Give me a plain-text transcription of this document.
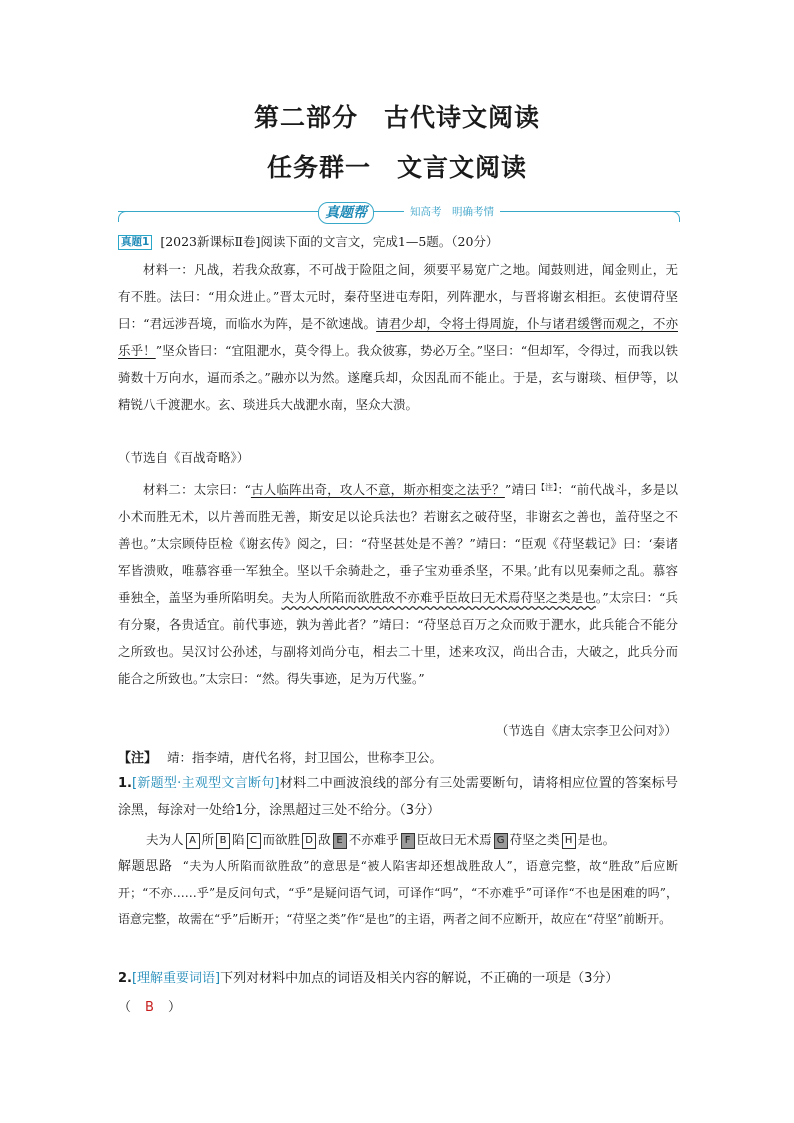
第二部分　古代诗文阅读
任务群一　文言文阅读
真题帮	知高考　明确考情

真题1 [2023新课标Ⅱ卷]阅读下面的文言文，完成1—5题。（20分）

材料一：凡战，若我众敌寡，不可战于险阻之间，须要平易宽广之地。闻鼓则进，闻金则止，无有不胜。法曰：“用众进止。”晋太元时，秦苻坚进屯寿阳，列阵淝水，与晋将谢玄相拒。玄使谓苻坚曰：“君远涉吾境，而临水为阵，是不欲速战。请君少却，令将士得周旋，仆与诸君缓辔而观之，不亦乐乎！”坚众皆曰：“宜阻淝水，莫令得上。我众彼寡，势必万全。”坚曰：“但却军，令得过，而我以铁骑数十万向水，逼而杀之。”融亦以为然。遂麾兵却，众因乱而不能止。于是，玄与谢琰、桓伊等，以精锐八千渡淝水。玄、琰进兵大战淝水南，坚众大溃。

（节选自《百战奇略》）

材料二：太宗曰：“古人临阵出奇，攻人不意，斯亦相变之法乎？”靖曰$^{【注】}$：“前代战斗，多是以小术而胜无术，以片善而胜无善，斯安足以论兵法也？若谢玄之破苻坚，非谢玄之善也，盖苻坚之不善也。”太宗顾侍臣检《谢玄传》阅之，曰：“苻坚甚处是不善？”靖曰：“臣观《苻坚载记》曰：‘秦诸军皆溃败，唯慕容垂一军独全。坚以千余骑赴之，垂子宝劝垂杀坚，不果。’此有以见秦师之乱。慕容垂独全，盖坚为垂所陷明矣。夫为人所陷而欲胜敌不亦难乎臣故曰无术焉苻坚之类是也。”太宗曰：“兵有分聚，各贵适宜。前代事迹，孰为善此者？”靖曰：“苻坚总百万之众而败于淝水，此兵能合不能分之所致也。吴汉讨公孙述，与副将刘尚分屯，相去二十里，述来攻汉，尚出合击，大破之，此兵分而能合之所致也。”太宗曰：“然。得失事迹，足为万代鉴。”

（节选自《唐太宗李卫公问对》）

【注】 靖：指李靖，唐代名将，封卫国公，世称李卫公。

1.[新题型·主观型文言断句]材料二中画波浪线的部分有三处需要断句，请将相应位置的答案标号涂黑，每涂对一处给1分，涂黑超过三处不给分。（3分）

夫为人 A 所 B 陷 C 而欲胜 D 敌 E 不亦难乎 F 臣故曰无术焉 G 苻坚之类 H 是也。

解题思路 “夫为人所陷而欲胜敌”的意思是“被人陷害却还想战胜敌人”，语意完整，故“胜敌”后应断开；“不亦……乎”是反问句式，“乎”是疑问语气词，可译作“吗”，“不亦难乎”可译作“不也是困难的吗”，语意完整，故需在“乎”后断开；“苻坚之类”作“是也”的主语，两者之间不应断开，故应在“苻坚”前断开。

2.[理解重要词语]下列对材料中加点的词语及相关内容的解说，不正确的一项是（3分）

（ B ）
